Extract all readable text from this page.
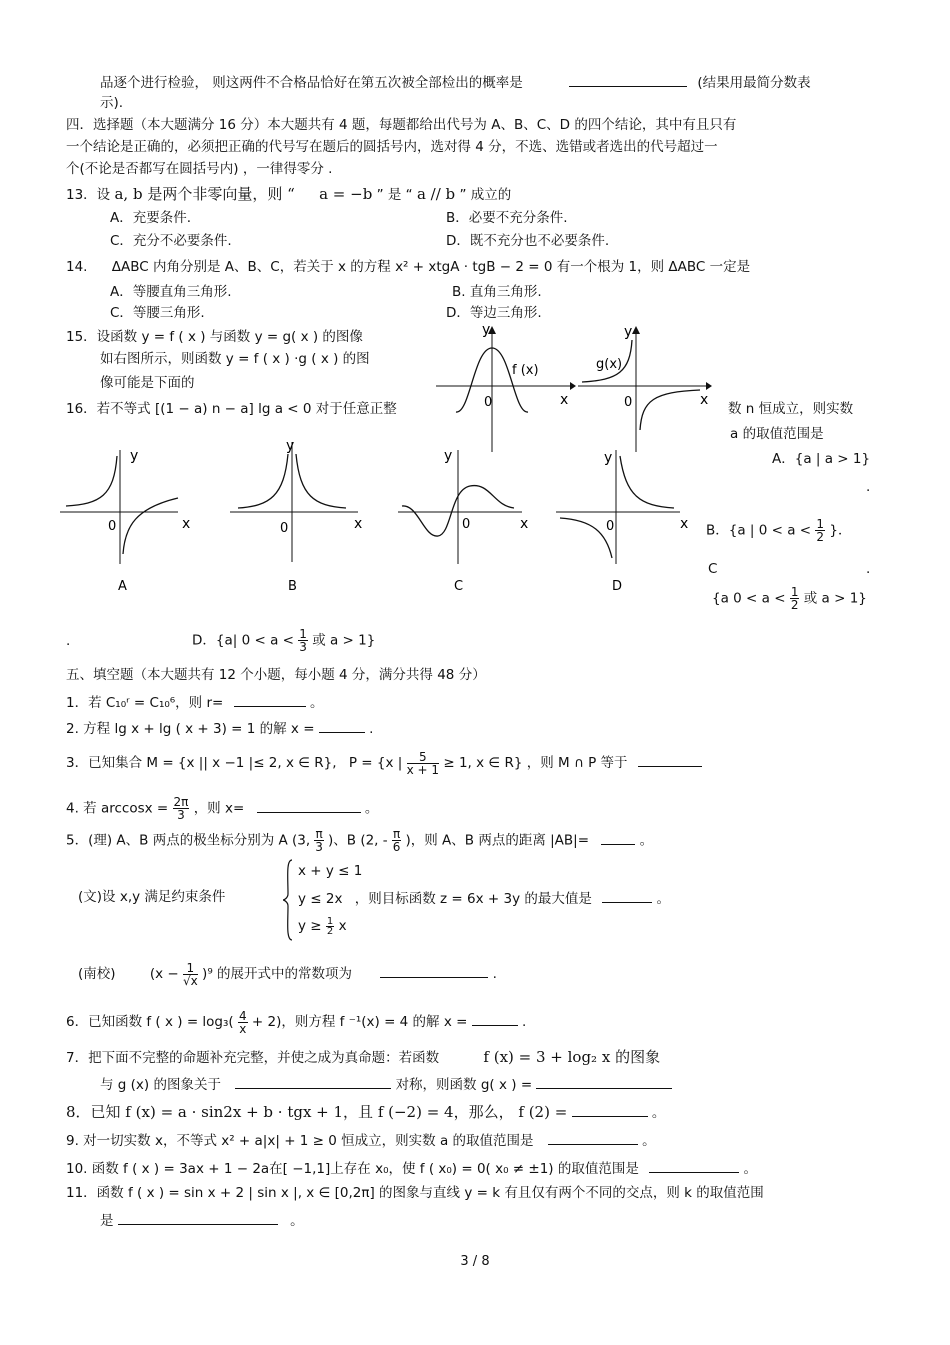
品逐个进行检验， 则这两件不合格品恰好在第五次被全部检出的概率是	(结果用最简分数表
示).
四．选择题（本大题满分 16 分）本大题共有 4 题，每题都给出代号为 A、B、C、D 的四个结论，其中有且只有
一个结论是正确的，必须把正确的代号写在题后的圆括号内，选对得 4 分，不选、选错或者选出的代号超过一
个(不论是否都写在圆括号内) ，一律得零分 .
13．设 a, b 是两个非零向量，则 “ a = −b ” 是 “ a // b ” 成立的
A．充要条件.	B．必要不充分条件.
C．充分不必要条件.	D．既不充分也不必要条件.
14. ΔABC 内角分别是 A、B、C，若关于 x 的方程 x² + xtgA · tgB − 2 = 0 有一个根为 1，则 ΔABC 一定是
A．等腰直角三角形.	B. 直角三角形.
C．等腰三角形.	D．等边三角形.
15．设函数 y = f ( x ) 与函数 y = g( x ) 的图像
如右图所示，则函数 y = f ( x ) ·g ( x ) 的图
像可能是下面的
y
x
0
f (x)
y
x
0
g(x)
16．若不等式 [(1 − a) n − a] lg a < 0 对于任意正整	数 n 恒成立，则实数
a 的取值范围是
A．{a | a > 1}
.
B．{a | $0 < a < \frac{1}{2}$ }．
C	.
{a $0 < a < \frac{1}{2}$ 或 a > 1}
.	D．{a| $0 < a < \frac{1}{3}$ 或 a > 1}
y
x
0
A
y
x
0
B
y
x
0
C
y
x
0
D
五、填空题（本大题共有 12 个小题，每小题 4 分，满分共得 48 分）
1．若 C₁₀ʳ = C₁₀⁶，则 r=	。
2. 方程 lg x + lg ( x + 3) = 1 的解 x =	.
3．已知集合 M = {x || x −1 |≤ 2, x ∈ R}, P = {x | $\frac{5}{x + 1} \ge 1$, x ∈ R} ，则 M ∩ P 等于
4. 若 $\arccos x = \frac{2\pi}{3}$ ，则 x=	。
5．(理) A、B 两点的极坐标分别为 A (3, $\frac{\pi}{3}$ )、B (2, - $\frac{\pi}{6}$ )，则 A、B 两点的距离 |AB|=	。
(文)设 x,y 满足约束条件
x + y ≤ 1
y ≤ 2x ，则目标函数 z = 6x + 3y 的最大值是	。
$y \ge \frac{1}{2}$ x
(南校)	$(x - \frac{1}{√x} )^9$ 的展开式中的常数项为	.
6．已知函数 f ( x ) = $\log_3( \frac{4}{x} + 2)$，则方程 f ⁻¹(x) = 4 的解 x =	.
7．把下面不完整的命题补充完整，并使之成为真命题：若函数	f (x) = 3 + log₂ x 的图象
与 g (x) 的图象关于	对称，则函数 g( x ) =
8．已知 f (x) = a · sin2x + b · tgx + 1，且 f (−2) = 4，那么， f (2) =	。
9. 对一切实数 x，不等式 x² + a|x| + 1 ≥ 0 恒成立，则实数 a 的取值范围是	。
10. 函数 f ( x ) = 3ax + 1 − 2a在[ −1,1]上存在 x₀，使 f ( x₀) = 0( x₀ ≠ ±1) 的取值范围是	。
11．函数 f ( x ) = sin x + 2 | sin x |, x ∈ [0,2π] 的图象与直线 y = k 有且仅有两个不同的交点，则 k 的取值范围
是	。
3 / 8
